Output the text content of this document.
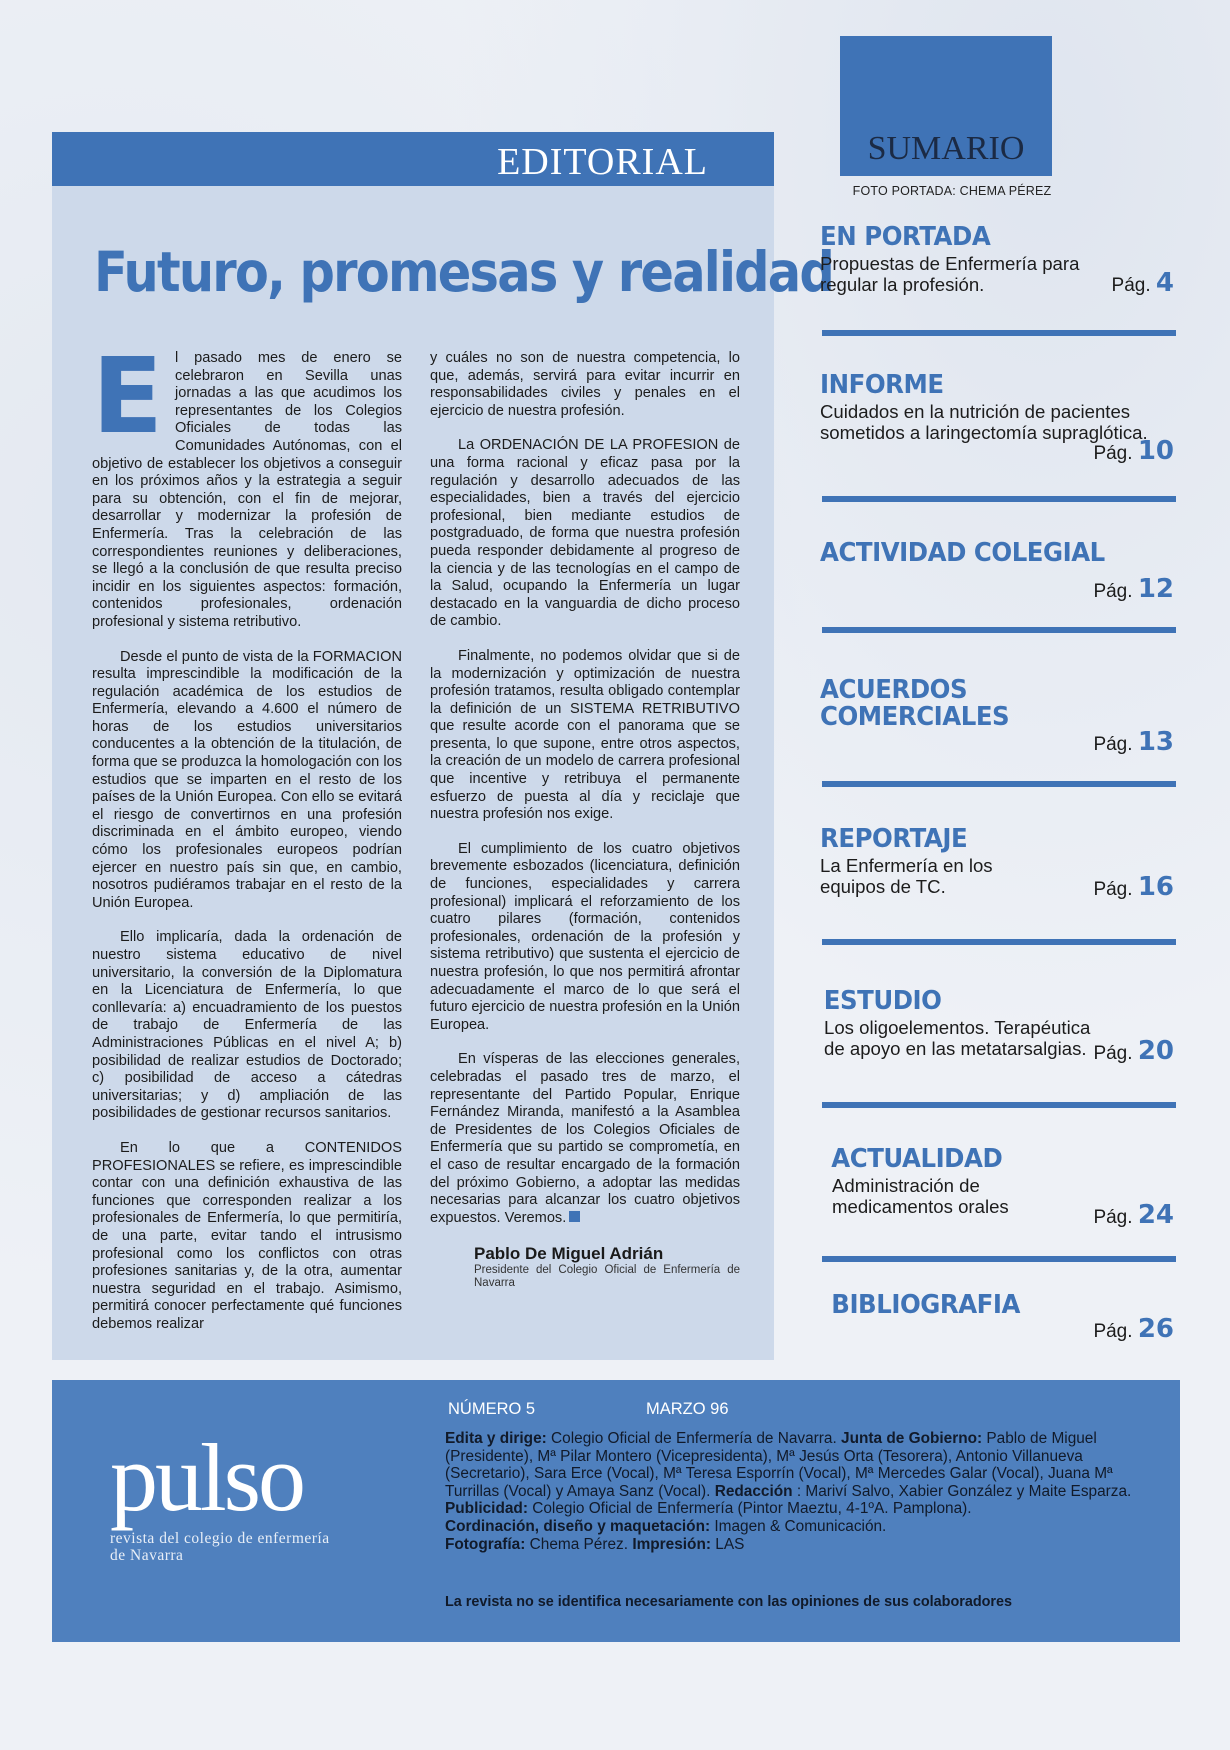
EDITORIAL
Futuro, promesas y realidad

El pasado mes de enero se celebraron en Sevilla unas jornadas a las que acudimos los representantes de los Colegios Oficiales de todas las Comunidades Autónomas, con el objetivo de establecer los objetivos a conseguir en los próximos años y la estrategia a seguir para su obtención, con el fin de mejorar, desarrollar y modernizar la profesión de Enfermería. Tras la celebración de las correspondientes reuniones y deliberaciones, se llegó a la conclusión de que resulta preciso incidir en los siguientes aspectos: formación, contenidos profesionales, ordenación profesional y sistema retributivo.

Desde el punto de vista de la FORMACION resulta imprescindible la modificación de la regulación académica de los estudios de Enfermería, elevando a 4.600 el número de horas de los estudios universitarios conducentes a la obtención de la titulación, de forma que se produzca la homologación con los estudios que se imparten en el resto de los países de la Unión Europea. Con ello se evitará el riesgo de convertirnos en una profesión discriminada en el ámbito europeo, viendo cómo los profesionales europeos podrían ejercer en nuestro país sin que, en cambio, nosotros pudiéramos trabajar en el resto de la Unión Europea.

Ello implicaría, dada la ordenación de nuestro sistema educativo de nivel universitario, la conversión de la Diplomatura en la Licenciatura de Enfermería, lo que conllevaría: a) encuadramiento de los puestos de trabajo de Enfermería de las Administraciones Públicas en el nivel A; b) posibilidad de realizar estudios de Doctorado; c) posibilidad de acceso a cátedras universitarias; y d) ampliación de las posibilidades de gestionar recursos sanitarios.

En lo que a CONTENIDOS PROFESIONALES se refiere, es imprescindible contar con una definición exhaustiva de las funciones que corresponden realizar a los profesionales de Enfermería, lo que permitiría, de una parte, evitar tando el intrusismo profesional como los conflictos con otras profesiones sanitarias y, de la otra, aumentar nuestra seguridad en el trabajo. Asimismo, permitirá conocer perfectamente qué funciones debemos realizar

y cuáles no son de nuestra competencia, lo que, además, servirá para evitar incurrir en responsabilidades civiles y penales en el ejercicio de nuestra profesión.

La ORDENACIÓN DE LA PROFESION de una forma racional y eficaz pasa por la regulación y desarrollo adecuados de las especialidades, bien a través del ejercicio profesional, bien mediante estudios de postgraduado, de forma que nuestra profesión pueda responder debidamente al progreso de la ciencia y de las tecnologías en el campo de la Salud, ocupando la Enfermería un lugar destacado en la vanguardia de dicho proceso de cambio.

Finalmente, no podemos olvidar que si de la modernización y optimización de nuestra profesión tratamos, resulta obligado contemplar la definición de un SISTEMA RETRIBUTIVO que resulte acorde con el panorama que se presenta, lo que supone, entre otros aspectos, la creación de un modelo de carrera profesional que incentive y retribuya el permanente esfuerzo de puesta al día y reciclaje que nuestra profesión nos exige.

El cumplimiento de los cuatro objetivos brevemente esbozados (licenciatura, definición de funciones, especialidades y carrera profesional) implicará el reforzamiento de los cuatro pilares (formación, contenidos profesionales, ordenación de la profesión y sistema retributivo) que sustenta el ejercicio de nuestra profesión, lo que nos permitirá afrontar adecuadamente el marco de lo que será el futuro ejercicio de nuestra profesión en la Unión Europea.

En vísperas de las elecciones generales, celebradas el pasado tres de marzo, el representante del Partido Popular, Enrique Fernández Miranda, manifestó a la Asamblea de Presidentes de los Colegios Oficiales de Enfermería que su partido se comprometía, en el caso de resultar encargado de la formación del próximo Gobierno, a adoptar las medidas necesarias para alcanzar los cuatro objetivos expuestos. Veremos.

Pablo De Miguel Adrián
Presidente del Colegio Oficial de Enfermería de Navarra
SUMARIO
FOTO PORTADA: CHEMA PÉREZ
EN PORTADA
Propuestas de Enfermería para regular la profesión.	Pág. 4
INFORME
Cuidados en la nutrición de pacientes sometidos a laringectomía supraglótica.
Pág. 10
ACTIVIDAD COLEGIAL
Pág. 12
ACUERDOS
COMERCIALES
Pág. 13
REPORTAJE
La Enfermería en los equipos de TC.	Pág. 16
ESTUDIO
Los oligoelementos. Terapéutica de apoyo en las metatarsalgias. Pág. 20
ACTUALIDAD
Administración de medicamentos orales
Pág. 24
BIBLIOGRAFIA
Pág. 26
pulso
revista del colegio de enfermería de Navarra
NÚMERO 5	MARZO 96
Edita y dirige: Colegio Oficial de Enfermería de Navarra. Junta de Gobierno: Pablo de Miguel (Presidente), Mª Pilar Montero (Vicepresidenta), Mª Jesús Orta (Tesorera), Antonio Villanueva (Secretario), Sara Erce (Vocal), Mª Teresa Esporrín (Vocal), Mª Mercedes Galar (Vocal), Juana Mª Turrillas (Vocal) y Amaya Sanz (Vocal). Redacción : Mariví Salvo, Xabier González y Maite Esparza.
Publicidad: Colegio Oficial de Enfermería (Pintor Maeztu, 4-1ºA. Pamplona).
Cordinación, diseño y maquetación: Imagen & Comunicación.
Fotografía: Chema Pérez. Impresión: LAS
La revista no se identifica necesariamente con las opiniones de sus colaboradores
